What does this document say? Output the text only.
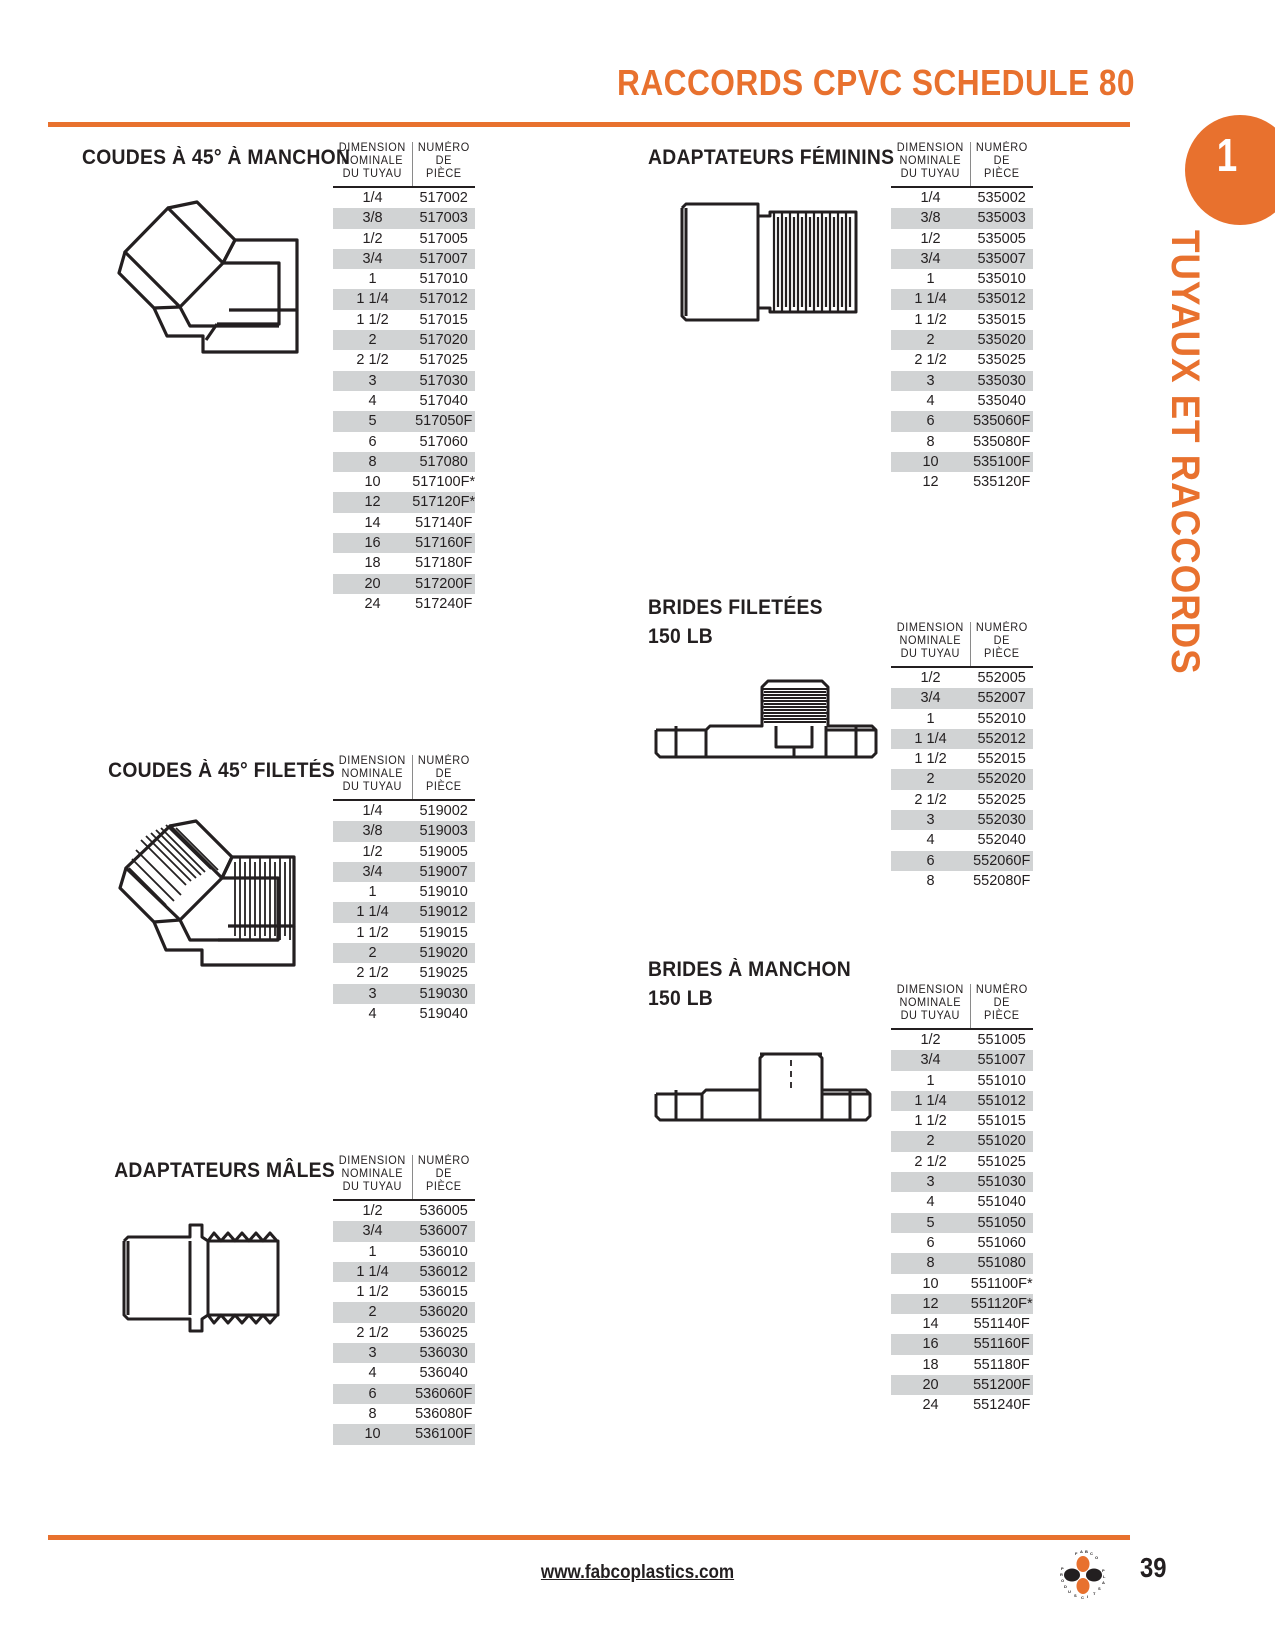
RACCORDS CPVC SCHEDULE 80
1
TUYAUX ET RACCORDS
COUDES À 45° À MANCHON
DIMENSION NOMINALE
DU TUYAU	NUMÉRO
DE PIÈCE
1/4	517002
3/8	517003
1/2	517005
3/4	517007
1	517010
1 1/4	517012
1 1/2	517015
2	517020
2 1/2	517025
3	517030
4	517040
5	517050F
6	517060
8	517080
10	517100F*
12	517120F*
14	517140F
16	517160F
18	517180F
20	517200F
24	517240F
COUDES À 45° FILETÉS DIMENSION NOMINALE
DU TUYAU	NUMÉRO
DE PIÈCE
1/4	519002
3/8	519003
1/2	519005
3/4	519007
1	519010
1 1/4	519012
1 1/2	519015
2	519020
2 1/2	519025
3	519030
4	519040
ADAPTATEURS MÂLES DIMENSION NOMINALE
DU TUYAU	NUMÉRO
DE PIÈCE
1/2	536005
3/4	536007
1	536010
1 1/4	536012
1 1/2	536015
2	536020
2 1/2	536025
3	536030
4	536040
6	536060F
8	536080F
10	536100F
ADAPTATEURS FÉMININS DIMENSION NOMINALE
DU TUYAU	NUMÉRO
DE PIÈCE
1/4	535002
3/8	535003
1/2	535005
3/4	535007
1	535010
1 1/4	535012
1 1/2	535015
2	535020
2 1/2	535025
3	535030
4	535040
6	535060F
8	535080F
10	535100F
12	535120F
BRIDES FILETÉES
150 LB	DIMENSION NOMINALE
DU TUYAU	NUMÉRO
DE PIÈCE
1/2	552005
3/4	552007
1	552010
1 1/4	552012
1 1/2	552015
2	552020
2 1/2	552025
3	552030
4	552040
6	552060F
8	552080F
BRIDES À MANCHON
150 LB	DIMENSION NOMINALE
DU TUYAU	NUMÉRO
DE PIÈCE
1/2	551005
3/4	551007
1	551010
1 1/4	551012
1 1/2	551015
2	551020
2 1/2	551025
3	551030
4	551040
5	551050
6	551060
8	551080
10	551100F*
12	551120F*
14	551140F
16	551160F
18	551180F
20	551200F
24	551240F
www.fabcoplastics.com
F A B C
O
P
L
A
S
T
I
C
S
U
D
O
R
P	39
